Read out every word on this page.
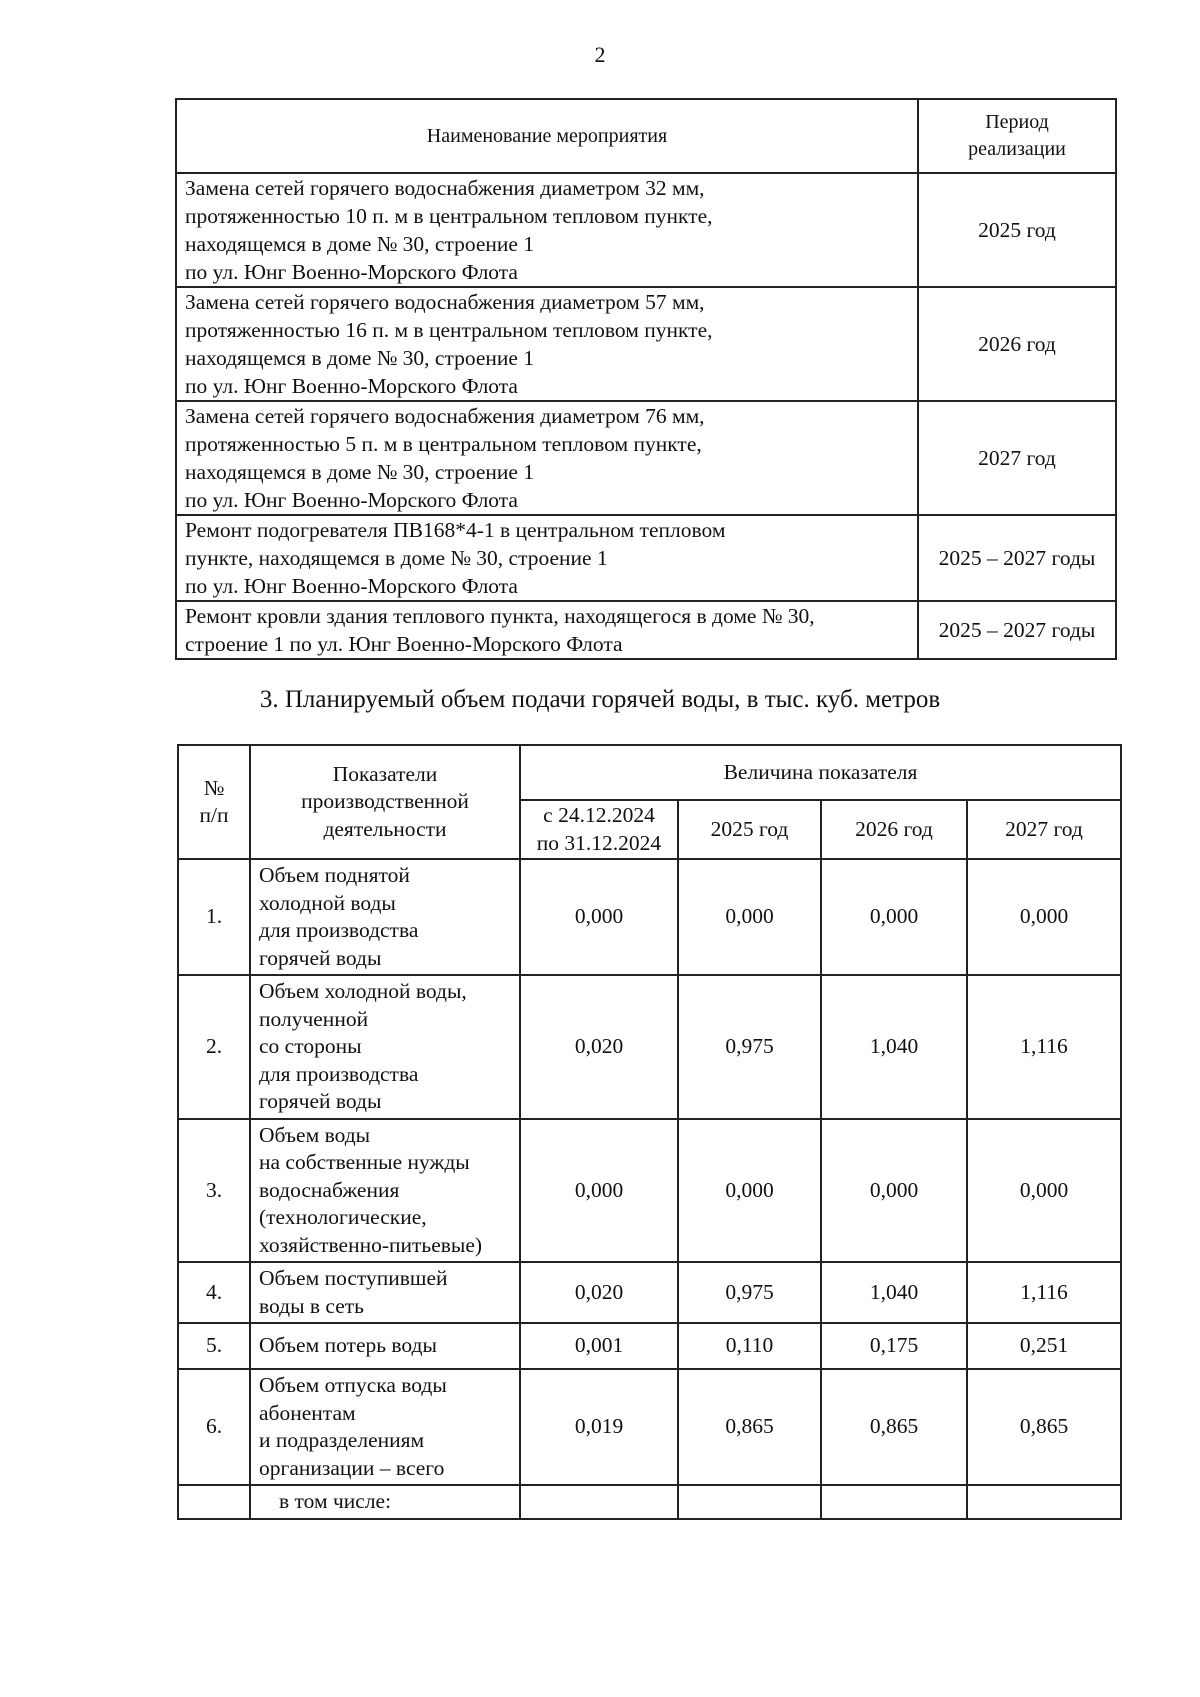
2
Наименование мероприятия	Период
реализации

Замена сетей горячего водоснабжения диаметром 32 мм,
протяженностью 10 п. м в центральном тепловом пункте,
находящемся в доме № 30, строение 1
по ул. Юнг Военно-Морского Флота	2025 год

Замена сетей горячего водоснабжения диаметром 57 мм,
протяженностью 16 п. м в центральном тепловом пункте,
находящемся в доме № 30, строение 1
по ул. Юнг Военно-Морского Флота	2026 год

Замена сетей горячего водоснабжения диаметром 76 мм,
протяженностью 5 п. м в центральном тепловом пункте,
находящемся в доме № 30, строение 1
по ул. Юнг Военно-Морского Флота	2027 год

Ремонт подогревателя ПВ168*4-1 в центральном тепловом
пункте, находящемся в доме № 30, строение 1
по ул. Юнг Военно-Морского Флота	2025 – 2027 годы

Ремонт кровли здания теплового пункта, находящегося в доме № 30,
строение 1 по ул. Юнг Военно-Морского Флота	2025 – 2027 годы
3. Планируемый объем подачи горячей воды, в тыс. куб. метров
№
п/п	Показатели
производственной
деятельности	Величина показателя			

		с 24.12.2024
по 31.12.2024	2025 год	2026 год	2027 год
1.	Объем поднятой
холодной воды
для производства
горячей воды	0,000	0,000	0,000	0,000
2.	Объем холодной воды,
полученной
со стороны
для производства
горячей воды	0,020	0,975	1,040	1,116
3.	Объем воды
на собственные нужды
водоснабжения
(технологические,
хозяйственно-питьевые)	0,000	0,000	0,000	0,000
4.	Объем поступившей
воды в сеть	0,020	0,975	1,040	1,116
5.	Объем потерь воды	0,001	0,110	0,175	0,251
6.	Объем отпуска воды
абонентам
и подразделениям
организации – всего	0,019	0,865	0,865	0,865
	в том числе:				
